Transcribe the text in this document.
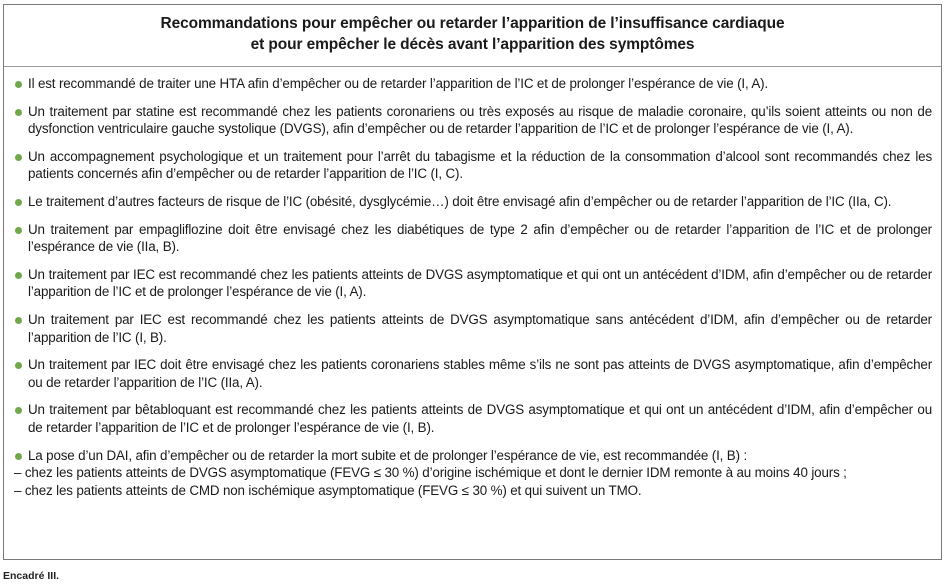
Recommandations pour empêcher ou retarder l’apparition de l’insuffisance cardiaque
et pour empêcher le décès avant l’apparition des symptômes
Il est recommandé de traiter une HTA afin d’empêcher ou de retarder l’apparition de l’IC et de prolonger l’espérance de vie (I, A).
Un traitement par statine est recommandé chez les patients coronariens ou très exposés au risque de maladie coronaire, qu’ils soient atteints ou non de dysfonction ventriculaire gauche systolique (DVGS), afin d’empêcher ou de retarder l’apparition de l’IC et de prolonger l’espérance de vie (I, A).
Un accompagnement psychologique et un traitement pour l’arrêt du tabagisme et la réduction de la consommation d’alcool sont recommandés chez les patients concernés afin d’empêcher ou de retarder l’apparition de l’IC (I, C).
Le traitement d’autres facteurs de risque de l’IC (obésité, dysglycémie…) doit être envisagé afin d’empêcher ou de retarder l’apparition de l’IC (IIa, C).
Un traitement par empagliflozine doit être envisagé chez les diabétiques de type 2 afin d’empêcher ou de retarder l’apparition de l’IC et de prolonger l’espérance de vie (IIa, B).
Un traitement par IEC est recommandé chez les patients atteints de DVGS asymptomatique et qui ont un antécédent d’IDM, afin d’empêcher ou de retarder l’apparition de l’IC et de prolonger l’espérance de vie (I, A).
Un traitement par IEC est recommandé chez les patients atteints de DVGS asymptomatique sans antécédent d’IDM, afin d’empêcher ou de retarder l’apparition de l’IC (I, B).
Un traitement par IEC doit être envisagé chez les patients coronariens stables même s’ils ne sont pas atteints de DVGS asymptomatique, afin d’empêcher ou de retarder l’apparition de l’IC (IIa, A).
Un traitement par bêtabloquant est recommandé chez les patients atteints de DVGS asymptomatique et qui ont un antécédent d’IDM, afin d’empêcher ou de retarder l’apparition de l’IC et de prolonger l’espérance de vie (I, B).
La pose d’un DAI, afin d’empêcher ou de retarder la mort subite et de prolonger l’espérance de vie, est recommandée (I, B) :
– chez les patients atteints de DVGS asymptomatique (FEVG ≤ 30 %) d’origine ischémique et dont le dernier IDM remonte à au moins 40 jours ;
– chez les patients atteints de CMD non ischémique asymptomatique (FEVG ≤ 30 %) et qui suivent un TMO.
Encadré III.
